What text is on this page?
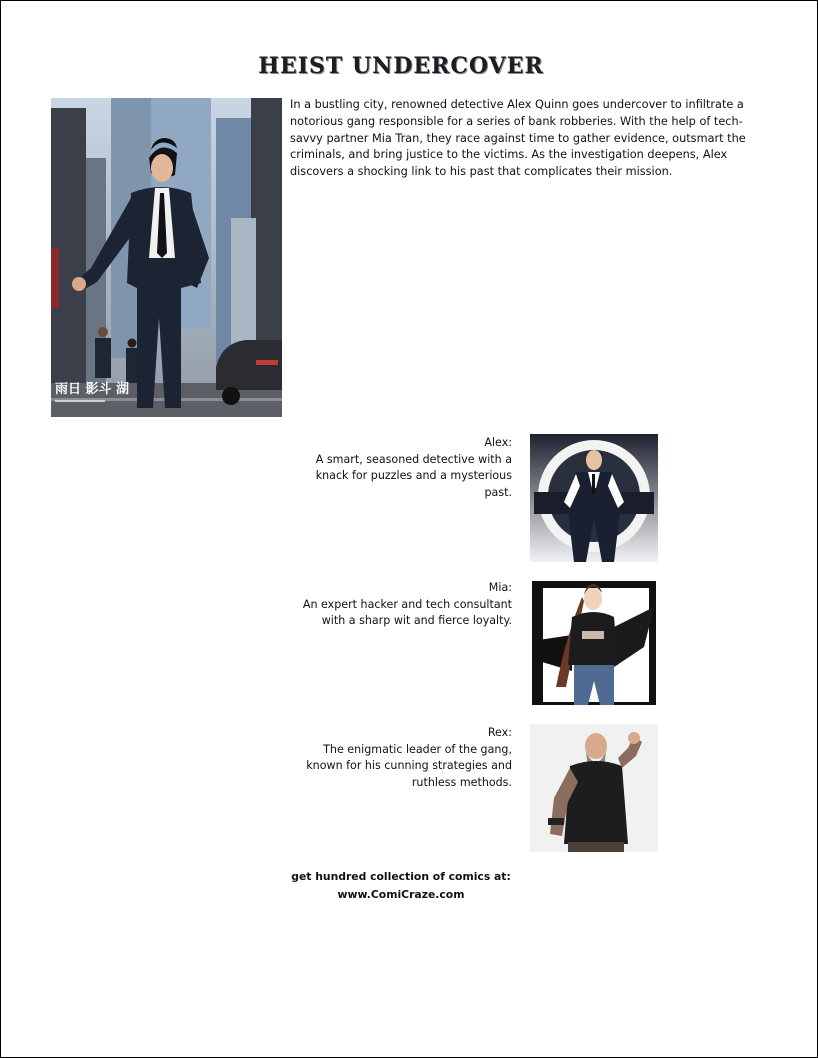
HEIST UNDERCOVER
雨日 影斗 湖
In a bustling city, renowned detective Alex Quinn goes undercover to infiltrate a notorious gang responsible for a series of bank robberies. With the help of tech-savvy partner Mia Tran, they race against time to gather evidence, outsmart the criminals, and bring justice to the victims. As the investigation deepens, Alex discovers a shocking link to his past that complicates their mission.
Alex:
A smart, seasoned detective with a knack for puzzles and a mysterious past.
Mia:
An expert hacker and tech consultant with a sharp wit and fierce loyalty.
Rex:
The enigmatic leader of the gang, known for his cunning strategies and ruthless methods.
get hundred collection of comics at:
www.ComiCraze.com
